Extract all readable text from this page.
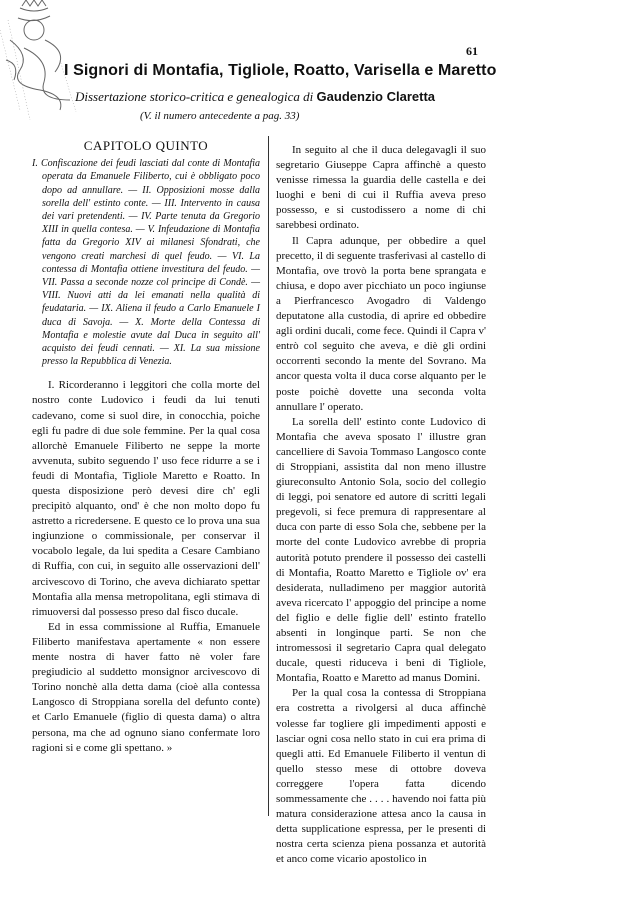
61
I Signori di Montafia, Tigliole, Roatto, Varisella e Maretto
Dissertazione storico-critica e genealogica di Gaudenzio Claretta
(V. il numero antecedente a pag. 33)
CAPITOLO QUINTO
I. Confiscazione dei feudi lasciati dal conte di Montafia operata da Emanuele Filiberto, cui è obbligato poco dopo ad annullare. — II. Opposizioni mosse dalla sorella dell' estinto conte. — III. Intervento in causa dei vari pretendenti. — IV. Parte tenuta da Gregorio XIII in quella contesa. — V. Infeudazione di Montafia fatta da Gregorio XIV ai milanesi Sfondrati, che vengono creati marchesi di quel feudo. — VI. La contessa di Montafia ottiene investitura del feudo. — VII. Passa a seconde nozze col principe di Condè. — VIII. Nuovi atti da lei emanati nella qualità di feudataria. — IX. Aliena il feudo a Carlo Emanuele I duca di Savoja. — X. Morte della Contessa di Montafia e molestie avute dal Duca in seguito all' acquisto dei feudi cennati. — XI. La sua missione presso la Repubblica di Venezia.

I. Ricorderanno i leggitori che colla morte del nostro conte Ludovico i feudi da lui tenuti cadevano, come si suol dire, in conocchia, poiche egli fu padre di due sole femmine. Per la qual cosa allorchè Emanuele Filiberto ne seppe la morte avvenuta, subito seguendo l' uso fece ridurre a se i feudi di Montafia, Tigliole Maretto e Roatto. In questa disposizione però devesi dire ch' egli precipitò alquanto, ond' è che non molto dopo fu astretto a ricredersene. E questo ce lo prova una sua ingiunzione o commissionale, per conservar il vocabolo legale, da lui spedita a Cesare Cambiano di Ruffia, con cui, in seguito alle osservazioni dell' arcivescovo di Torino, che aveva dichiarato spettar Montafia alla mensa metropolitana, egli stimava di rimuoversi dal possesso preso dal fisco ducale.

Ed in essa commissione al Ruffia, Emanuele Filiberto manifestava apertamente « non essere mente nostra di haver fatto nè voler fare pregiudicio al suddetto monsignor arcivescovo di Torino nonchè alla detta dama (cioè alla contessa Langosco di Stroppiana sorella del defunto conte) et Carlo Emanuele (figlio di questa dama) o altra persona, ma che ad ognuno siano confermate loro ragioni si e come gli spettano. »

In seguito al che il duca delegavagli il suo segretario Giuseppe Capra affinchè a questo venisse rimessa la guardia delle castella e dei luoghi e beni di cui il Ruffia aveva preso possesso, e si custodissero a nome di chi sarebbesi ordinato.

Il Capra adunque, per obbedire a quel precetto, il di seguente trasferivasi al castello di Montafia, ove trovò la porta bene sprangata e chiusa, e dopo aver picchiato un poco ingiunse a Pierfrancesco Avogadro di Valdengo deputatone alla custodia, di aprire ed obbedire agli ordini ducali, come fece. Quindi il Capra v' entrò col seguito che aveva, e diè gli ordini occorrenti secondo la mente del Sovrano. Ma ancor questa volta il duca corse alquanto per le poste poichè dovette una seconda volta annullare l' operato.

La sorella dell' estinto conte Ludovico di Montafia che aveva sposato l' illustre gran cancelliere di Savoia Tommaso Langosco conte di Stroppiani, assistita dal non meno illustre giureconsulto Antonio Sola, socio del collegio di leggi, poi senatore ed autore di scritti legali pregevoli, si fece premura di rappresentare al duca con parte di esso Sola che, sebbene per la morte del conte Ludovico avrebbe di propria autorità potuto prendere il possesso dei castelli di Montafia, Roatto Maretto e Tigliole ov' era desiderata, nulladimeno per maggior autorità aveva ricercato l' appoggio del principe a nome del figlio e delle figlie dell' estinto fratello absenti in longinque parti. Se non che intromessosi il segretario Capra qual delegato ducale, questi riduceva i beni di Tigliole, Montafia, Roatto e Maretto ad manus Domini.

Per la qual cosa la contessa di Stroppiana era costretta a rivolgersi al duca affinchè volesse far togliere gli impedimenti apposti e lasciar ogni cosa nello stato in cui era prima di quegli atti. Ed Emanuele Filiberto il ventun di quello stesso mese di ottobre doveva correggere l'opera fatta dicendo sommessamente che . . . . havendo noi fatta più matura considerazione attesa anco la causa in detta supplicatione espressa, per le presenti di nostra certa scienza piena possanza et autorità et anco come vicario apostolico in
